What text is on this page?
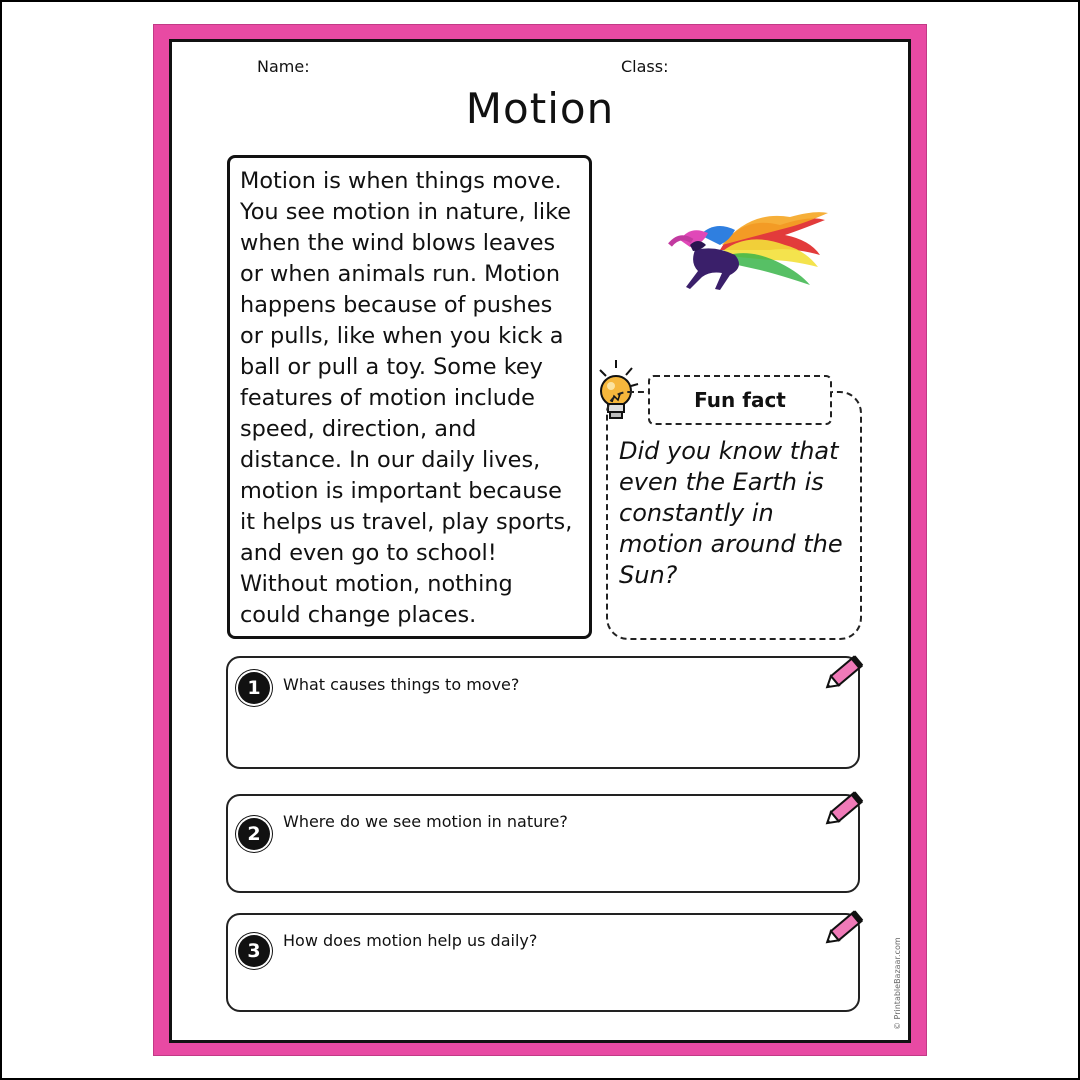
Name:	Class:
Motion
Motion is when things move. You see motion in nature, like when the wind blows leaves or when animals run. Motion happens because of pushes or pulls, like when you kick a ball or pull a toy. Some key features of motion include speed, direction, and distance. In our daily lives, motion is important because it helps us travel, play sports, and even go to school! Without motion, nothing could change places.
Fun fact
Did you know that even the Earth is constantly in motion around the Sun?
1	What causes things to move?
2
Where do we see motion in nature?
3	How does motion help us daily?	© PrintableBazaar.com
